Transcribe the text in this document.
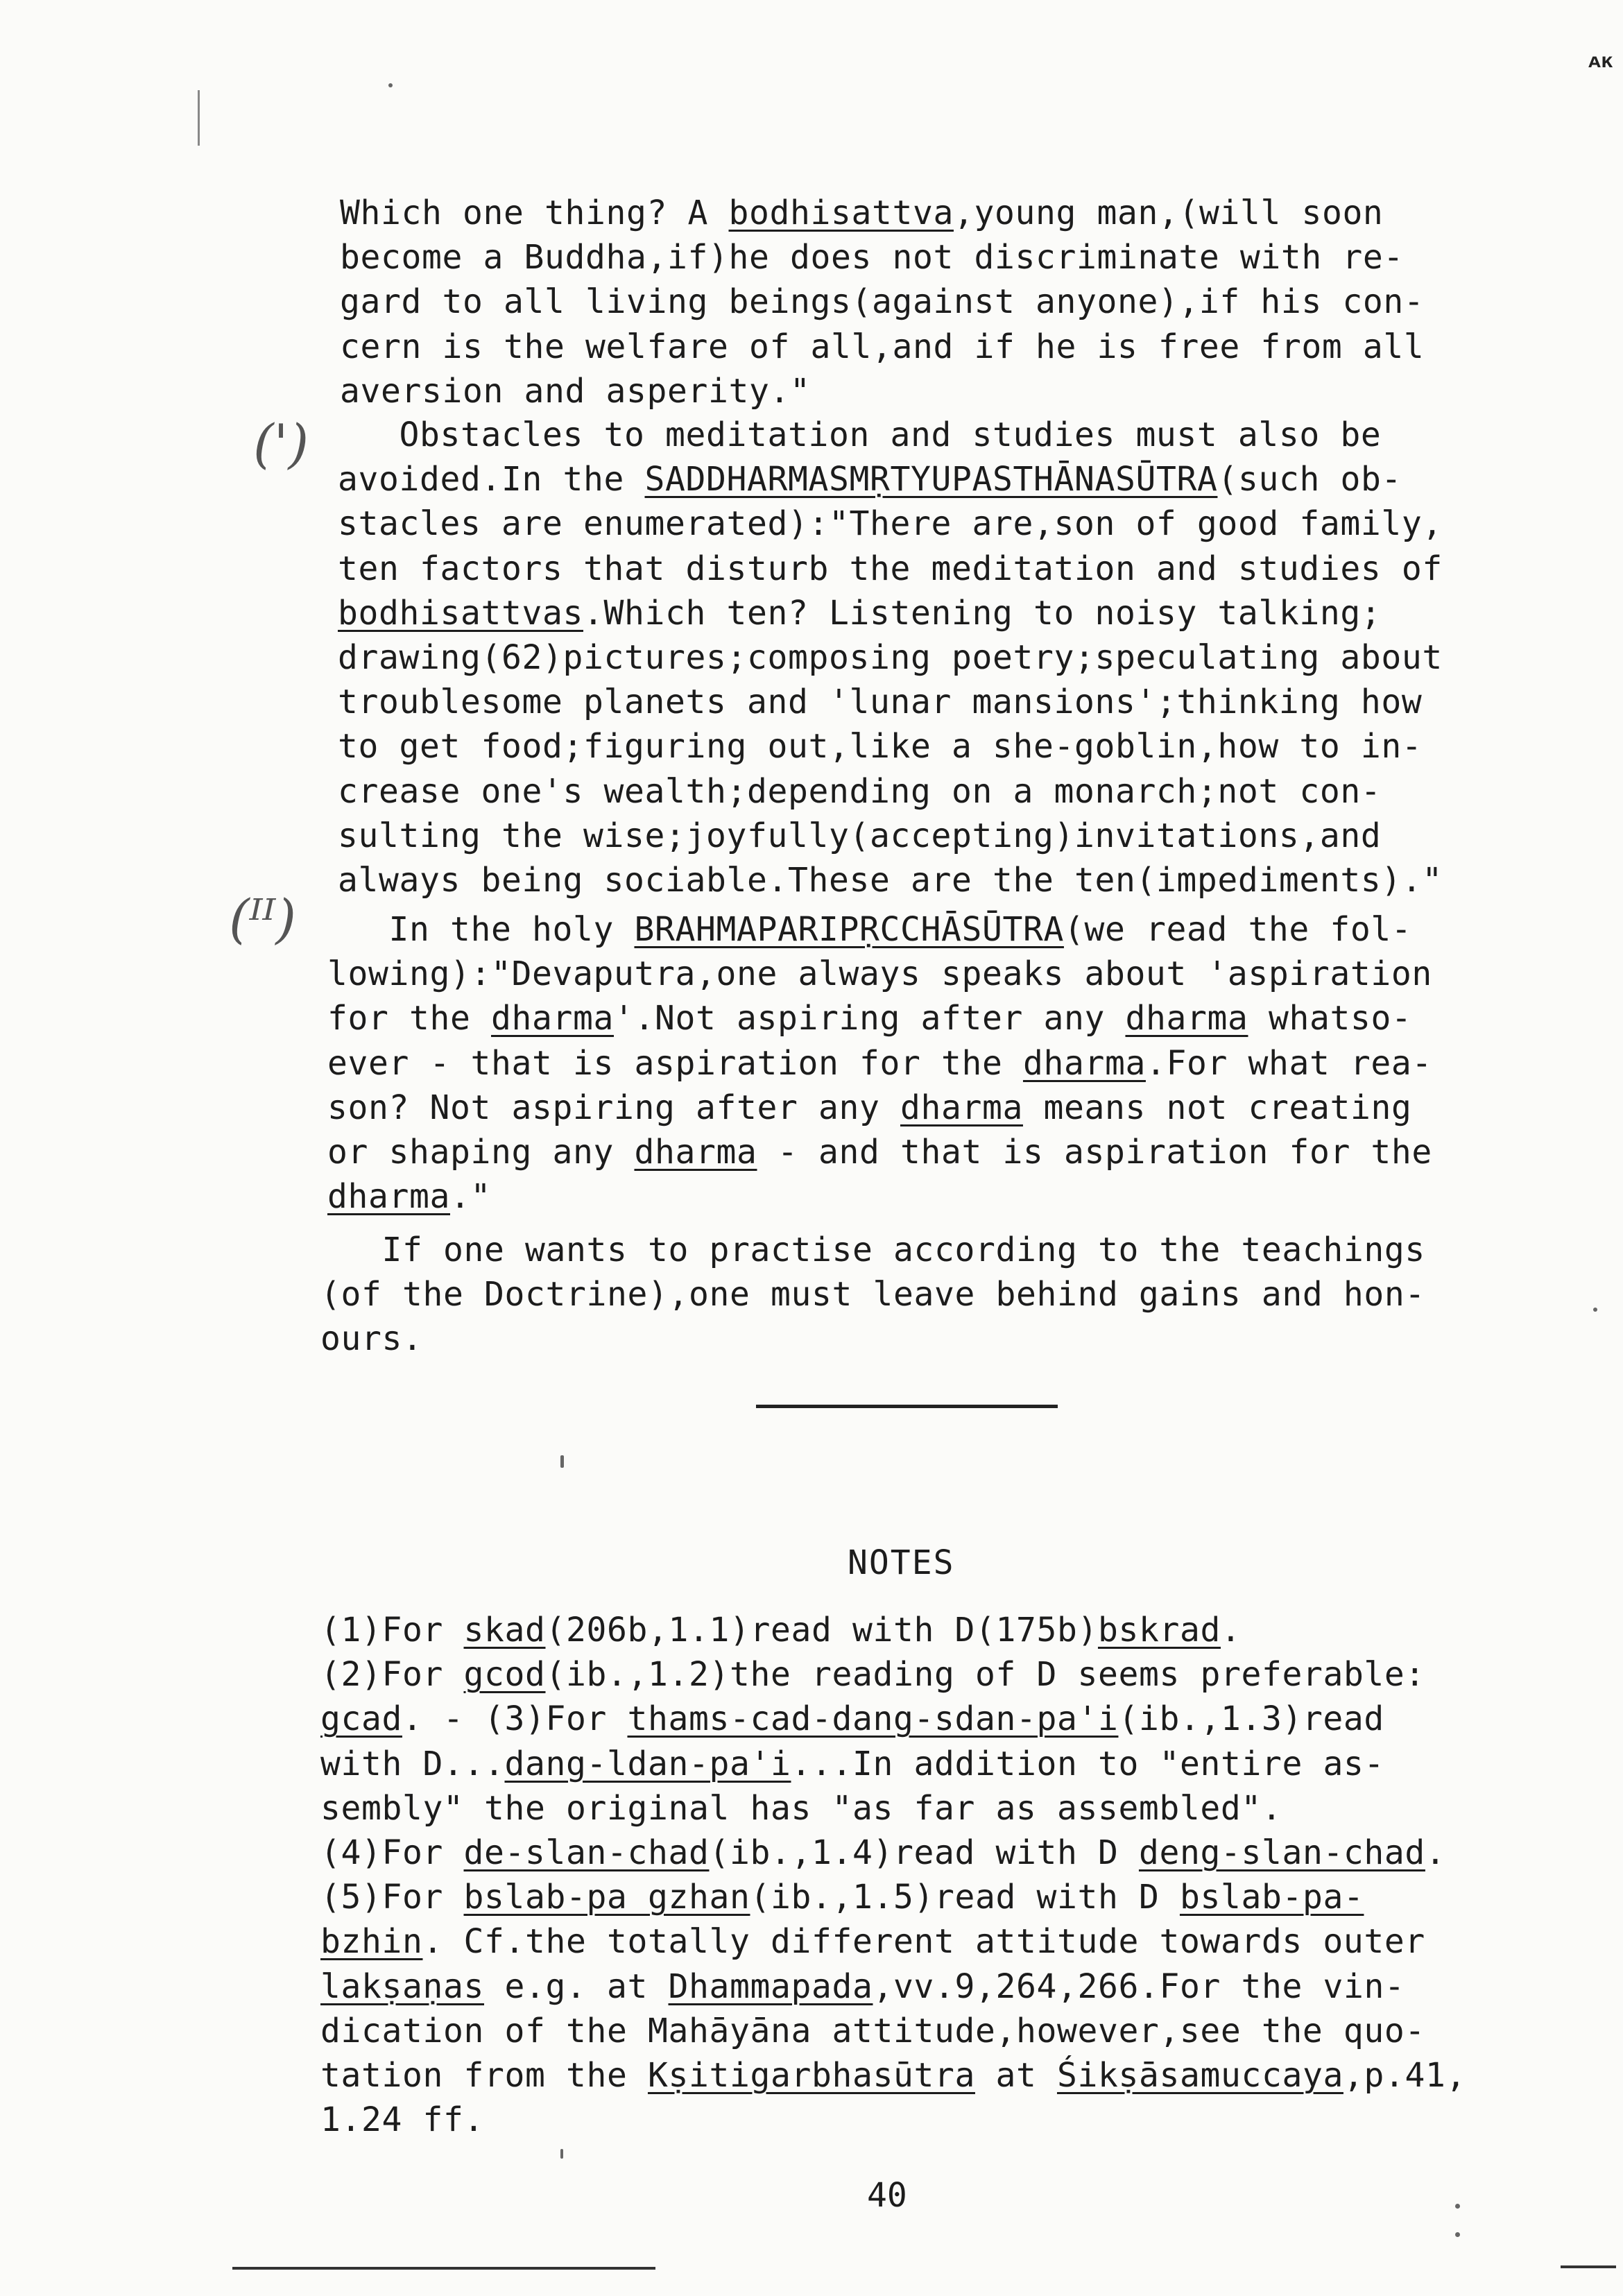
ᴀᴋ
(')
(ᴵᴵ)
Which one thing? A bodhisattva,young man,(will soon
become a Buddha,if)he does not discriminate with re-
gard to all living beings(against anyone),if his con-
cern is the welfare of all,and if he is free from all
aversion and asperity."
Obstacles to meditation and studies must also be
avoided.In the SADDHARMASMṚTYUPASTHĀNASŪTRA(such ob-
stacles are enumerated):"There are,son of good family,
ten factors that disturb the meditation and studies of
bodhisattvas.Which ten? Listening to noisy talking;
drawing(62)pictures;composing poetry;speculating about
troublesome planets and 'lunar mansions';thinking how
to get food;figuring out,like a she-goblin,how to in-
crease one's wealth;depending on a monarch;not con-
sulting the wise;joyfully(accepting)invitations,and
always being sociable.These are the ten(impediments)."
In the holy BRAHMAPARIPṚCCHĀSŪTRA(we read the fol-
lowing):"Devaputra,one always speaks about 'aspiration
for the dharma'.Not aspiring after any dharma whatso-
ever - that is aspiration for the dharma.For what rea-
son? Not aspiring after any dharma means not creating
or shaping any dharma - and that is aspiration for the
dharma."
If one wants to practise according to the teachings
(of the Doctrine),one must leave behind gains and hon-
ours.
NOTES
(1)For skad(206b,1.1)read with D(175b)bskrad.
(2)For gcod(ib.,1.2)the reading of D seems preferable:
gcad. - (3)For thams-cad-dang-sdan-pa'i(ib.,1.3)read
with D...dang-ldan-pa'i...In addition to "entire as-
sembly" the original has "as far as assembled".
(4)For de-slan-chad(ib.,1.4)read with D deng-slan-chad.
(5)For bslab-pa gzhan(ib.,1.5)read with D bslab-pa-
bzhin. Cf.the totally different attitude towards outer
lakṣaṇas e.g. at Dhammapada,vv.9,264,266.For the vin-
dication of the Mahāyāna attitude,however,see the quo-
tation from the Kṣitigarbhasūtra at Śikṣāsamuccaya,p.41,
1.24 ff.
40
